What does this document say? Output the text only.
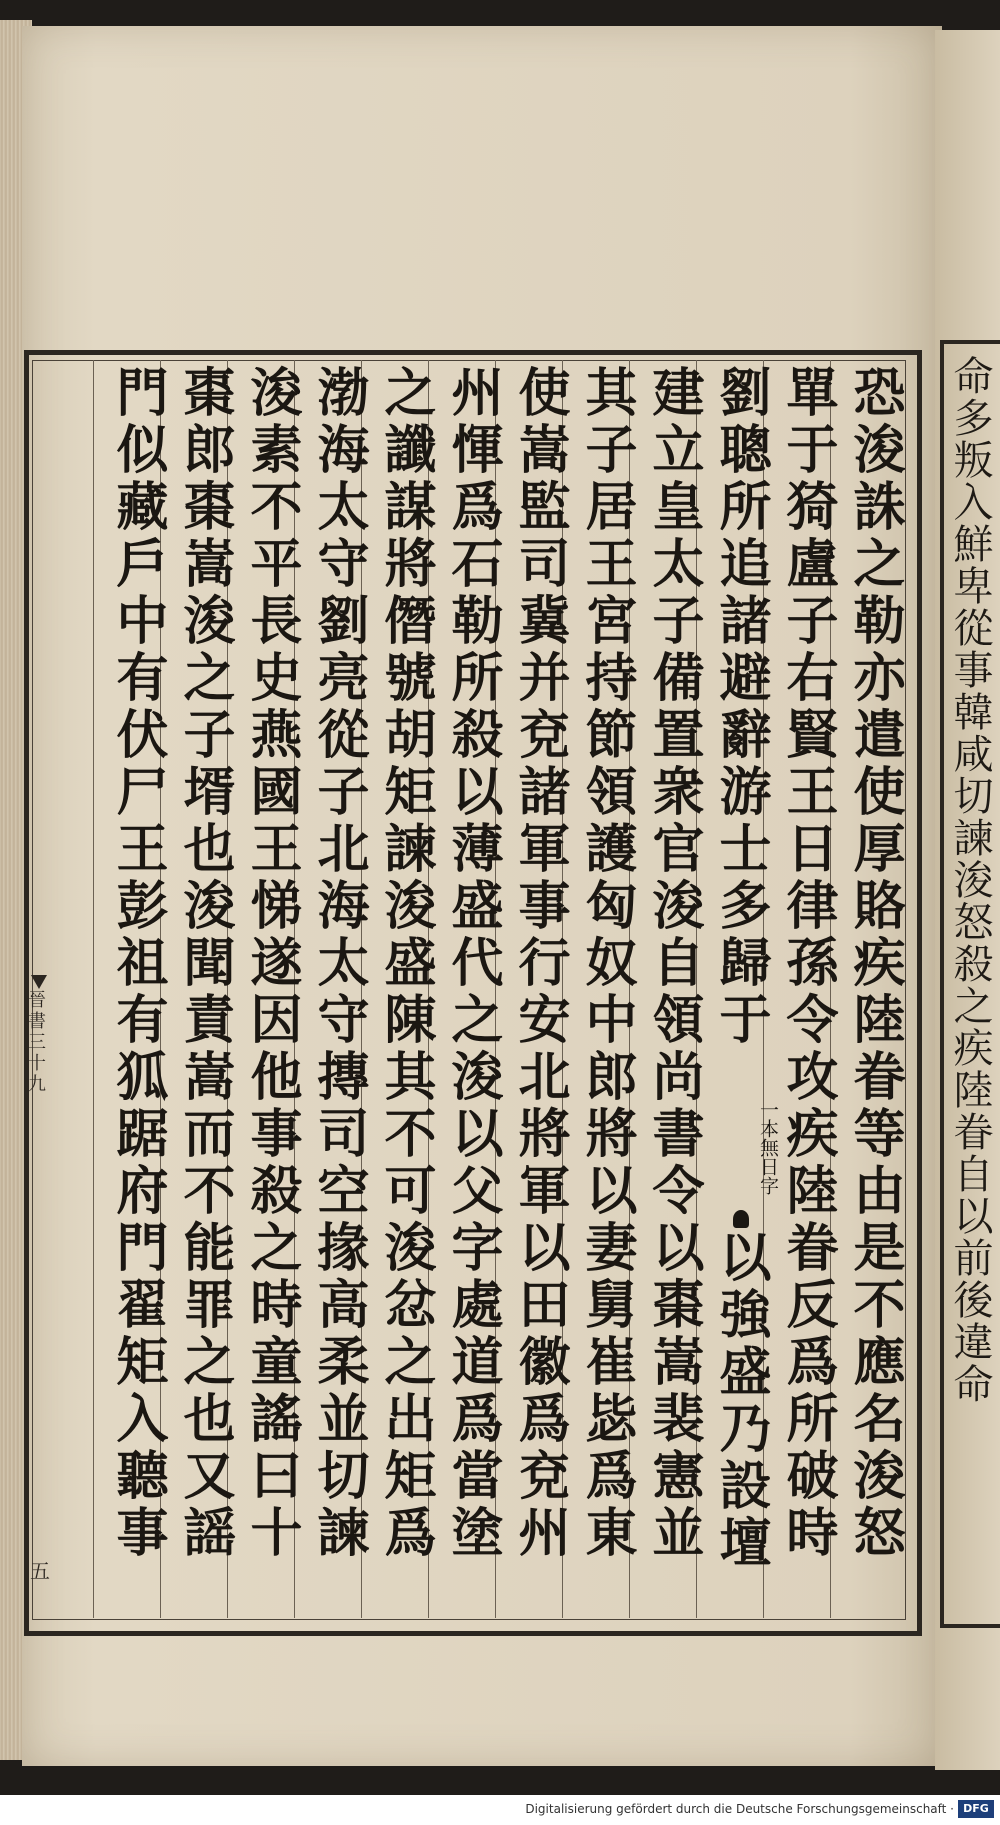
命多叛入鮮卑從事韓咸切諫浚怒殺之疾陸眷自以前後違命
恐浚誅之勒亦遣使厚賂疾陸眷等由是不應名浚怒
單于猗盧子右賢王日律孫令攻疾陸眷反爲所破時
劉聰所追諸避辭游士多歸于
以強盛乃設壇
建立皇太子備置衆官浚自領尚書令以棗嵩裴憲並
其子居王宮持節領護匈奴中郎將以妻舅崔毖爲東
使嵩監司冀并兗諸軍事行安北將軍以田徽爲兗州
州惲爲石勒所殺以薄盛代之浚以父字處道爲當塗
之讖謀將僭號胡矩諫浚盛陳其不可浚忿之出矩爲
渤海太守劉亮從子北海太守摶司空掾高柔並切諫
浚素不平長史燕國王悌遂因他事殺之時童謠曰十
棗郎棗嵩浚之子壻也浚聞責嵩而不能罪之也又謡
門似藏戶中有伏尸王彭祖有狐踞府門翟矩入聽事
一本無
日字
晉書三十九
五
Digitalisierung gefördert durch die Deutsche Forschungsgemeinschaft · DFG
